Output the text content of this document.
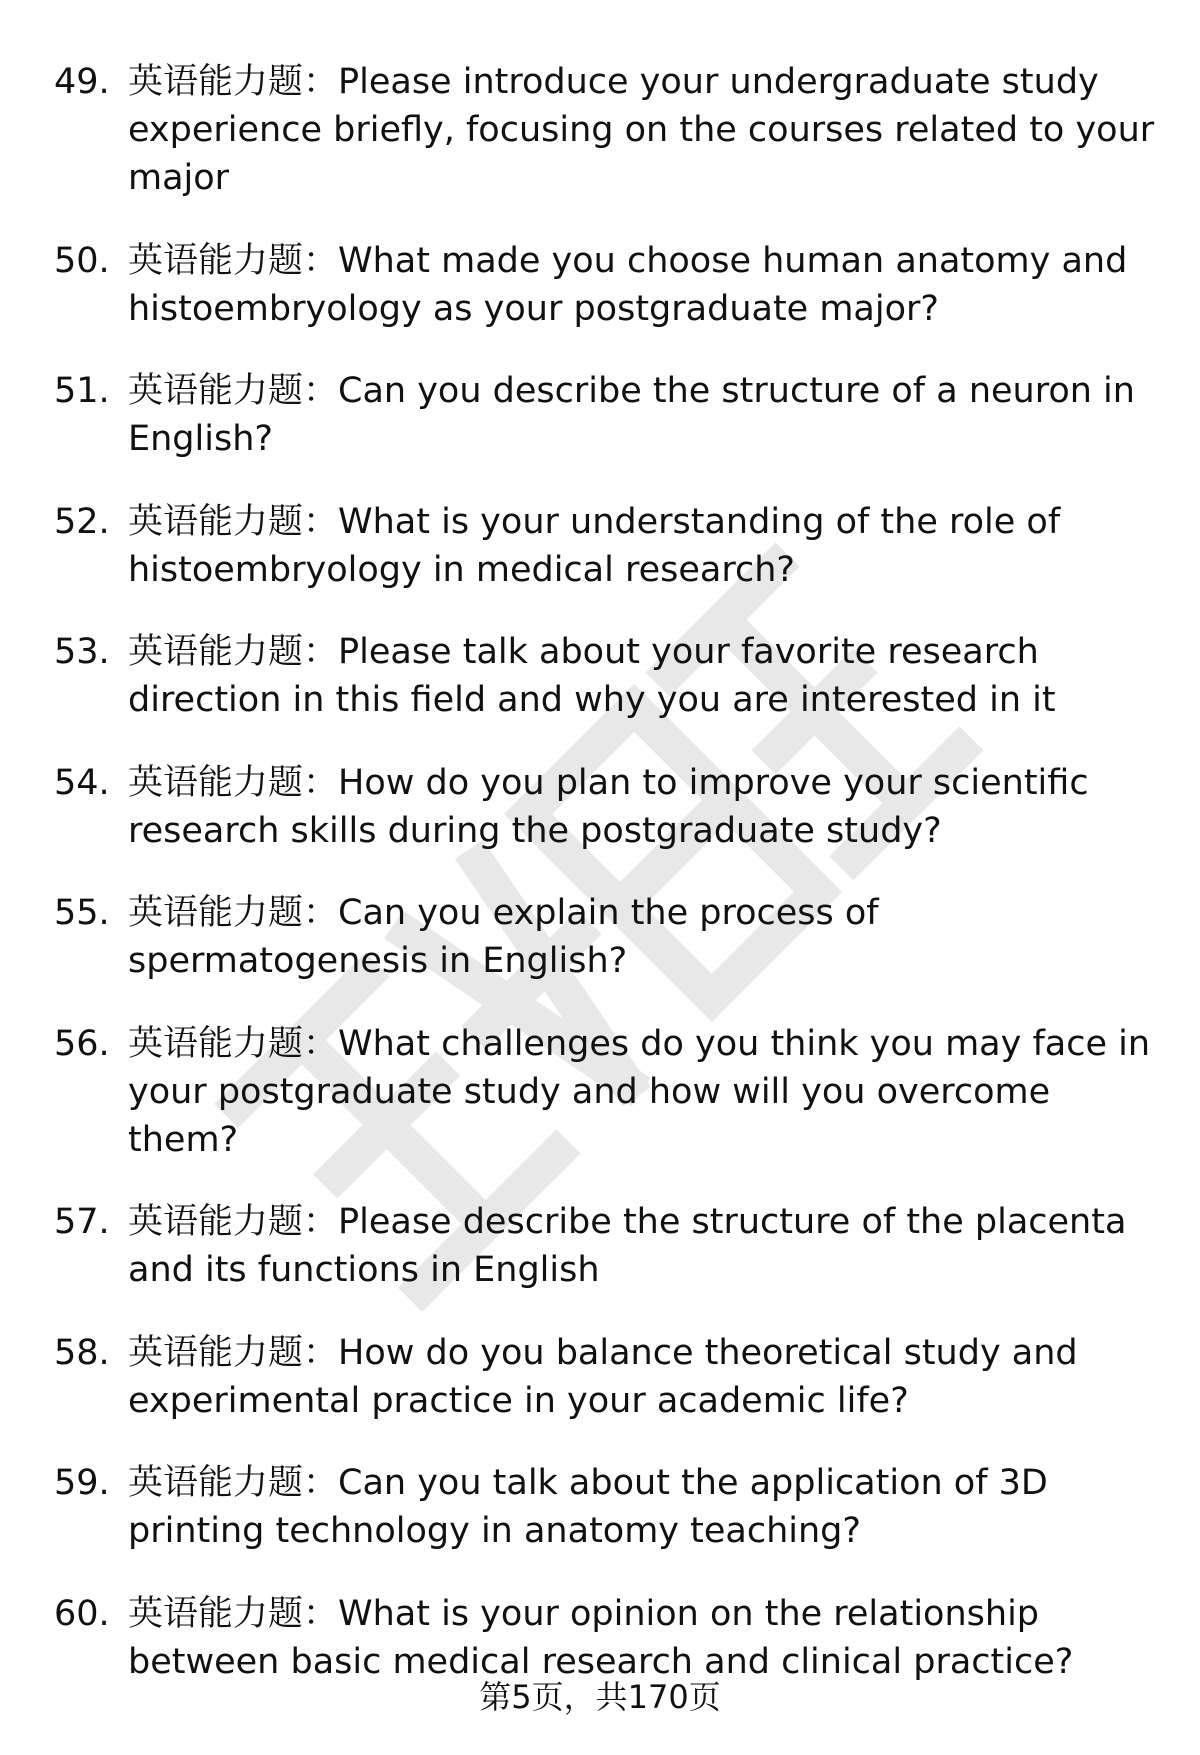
49. 英语能力题：Please introduce your undergraduate study experience briefly, focusing on the courses related to your major
50. 英语能力题：What made you choose human anatomy and histoembryology as your postgraduate major?
51. 英语能力题：Can you describe the structure of a neuron in English?
52. 英语能力题：What is your understanding of the role of histoembryology in medical research?
53. 英语能力题：Please talk about your favorite research direction in this field and why you are interested in it
54. 英语能力题：How do you plan to improve your scientific research skills during the postgraduate study?
55. 英语能力题：Can you explain the process of spermatogenesis in English?
56. 英语能力题：What challenges do you think you may face in your postgraduate study and how will you overcome them?
57. 英语能力题：Please describe the structure of the placenta and its functions in English
58. 英语能力题：How do you balance theoretical study and experimental practice in your academic life?
59. 英语能力题：Can you talk about the application of 3D printing technology in anatomy teaching?
60. 英语能力题：What is your opinion on the relationship between basic medical research and clinical practice?
第5页，共170页
